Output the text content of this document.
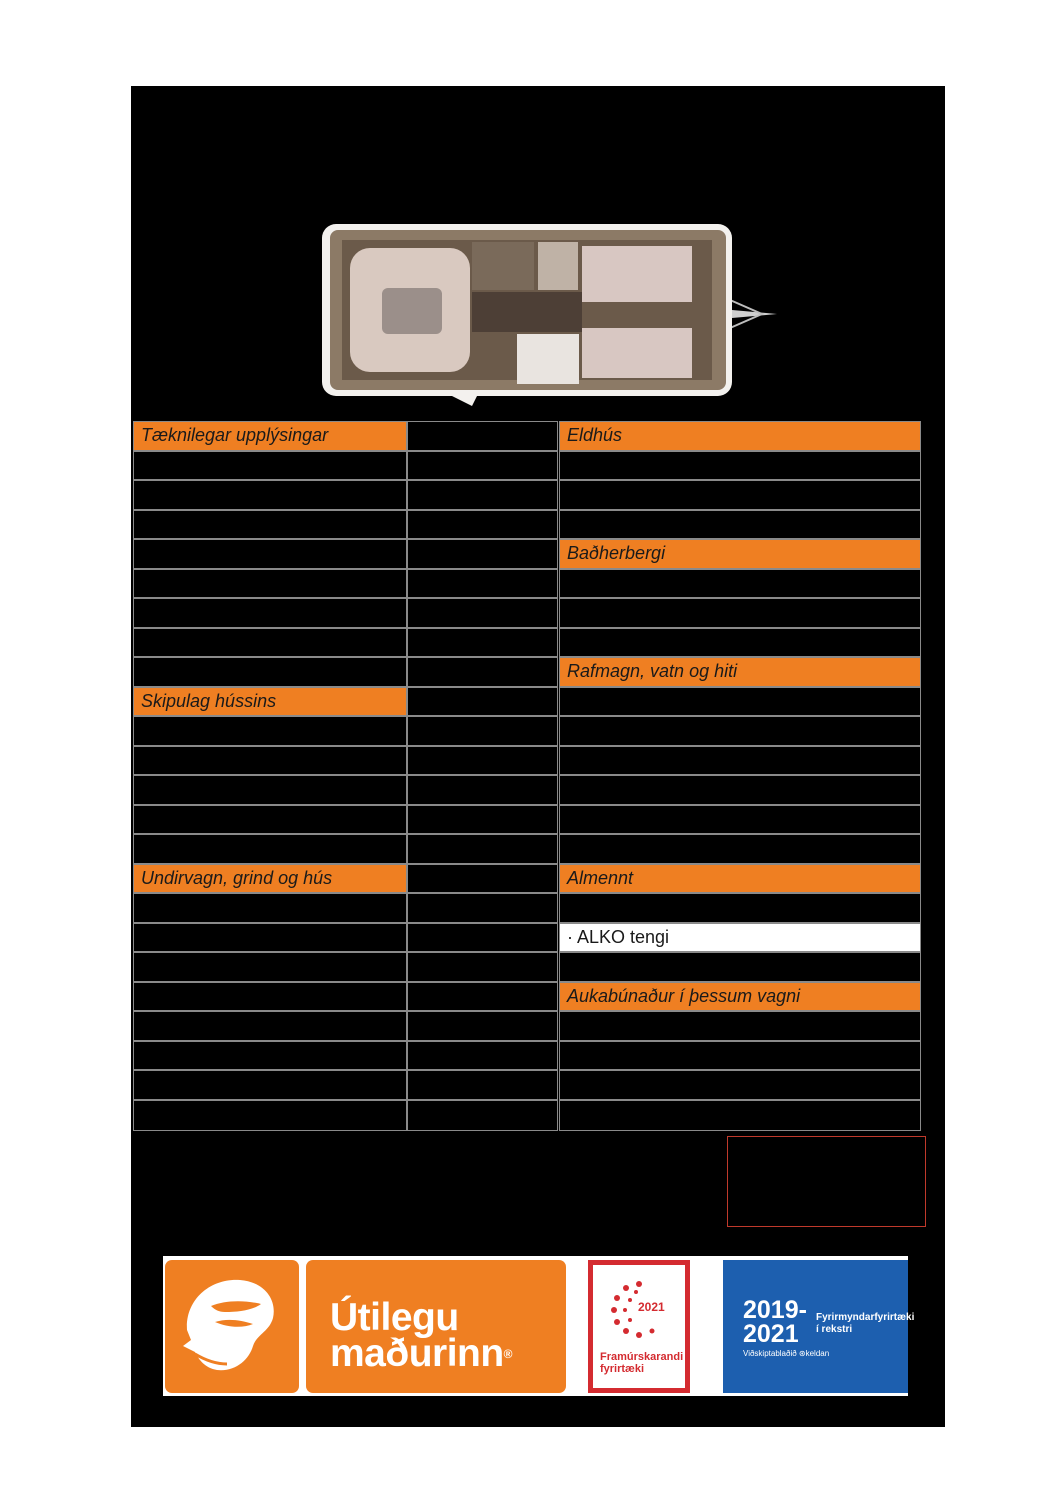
Tæknilegar upplýsingar
Skipulag hússins
Undirvagn, grind og hús
Eldhús
Baðherbergi
Rafmagn, vatn og hiti
Almennt
· ALKO tengi
Aukabúnaður í þessum vagni
Útilegu
maðurinn®
2021
Framúrskarandi
fyrirtæki
2019-
2021
Fyrirmyndarfyrirtæki
í rekstri
Viðskiptablaðið ⊛keldan
